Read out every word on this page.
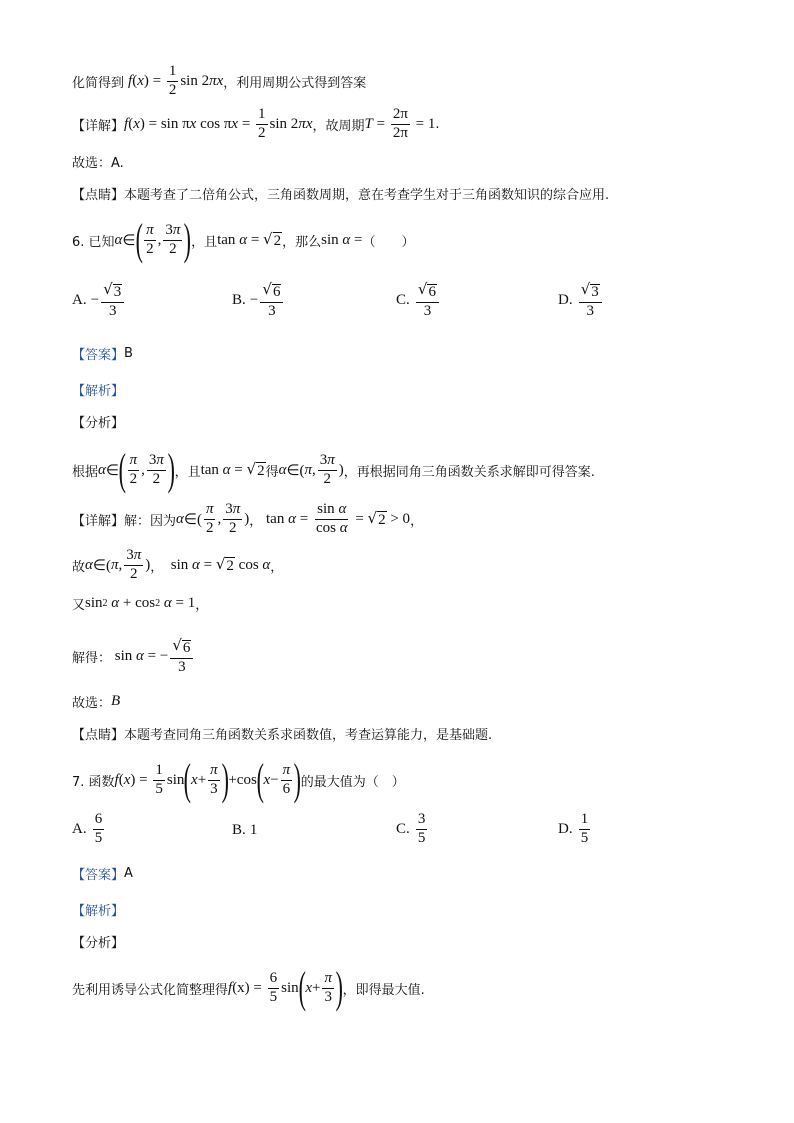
化简得到 f ( x ) = $\frac{1}{2}$ sin 2 πx ，利用周期公式得到答案
【详解】 f ( x ) = sin π x cos π $x = \frac{1}{2}$ sin 2 πx ，故周期 $T = \frac{2\pi}{2\pi} = 1$ .
故选：A.
【点睛】 本题考查了二倍角公式，三角函数周期，意在考查学生对于三角函数知识的综合应用.
6. 已知 α ∈ ( $\frac{\pi}{2}$ , $\frac{3\pi}{2}$ ) ，且 tan α = √ 2 ，那么 sin α = （　　）
A.
− $\frac{√ 3}{3}$	B.
− $\frac{√ 6}{3}$	C.
$\frac{√ 6}{3}$	D.
$\frac{√ 3}{3}$
【答案】 B
【解析】
【分析】
根据 α ∈ ( $\frac{\pi}{2}$ , $\frac{3\pi}{2}$ ) ，且 tan α = √ 2 得 α ∈( π , $\frac{3\pi}{2}$ ) ，再根据同角三角函数关系求解即可得答案.
【详解】 解：因为 α ∈( $\frac{\pi}{2}$ , $\frac{3\pi}{2}$ ) ， $\tan \alpha = \frac{\text{sin α}}{\text{cos α}}$ = √ 2 > 0 ，
故 α ∈( π , $\frac{3\pi}{2}$ ) ， sin α = √ 2 cos α ，
又 sin 2 α + cos 2 α = 1 ，
解得： sin α = − $\frac{√ 6}{3}$
故选： B
【点睛】 本题考查同角三角函数关系求函数值，考查运算能力，是基础题.
7. 函数 f ( x ) = $\frac{1}{5}$ sin ( $x + \frac{\pi}{3}$ ) +cos ( $x - \frac{\pi}{6}$ ) 的最大值为（　）
A.
$\frac{6}{5}$	B.
1	C.
$\frac{3}{5}$	D.
$\frac{1}{5}$
【答案】 A
【解析】
【分析】
先利用诱导公式化简整理得 f $(x) = \frac{6}{5}$ sin ( $x + \frac{\pi}{3}$ ) ，即得最大值.
